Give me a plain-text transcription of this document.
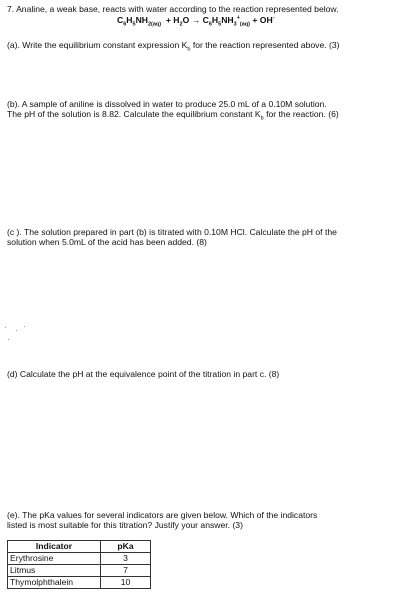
7. Analine, a weak base, reacts with water according to the reaction represented below.
$C_6H_5NH_{2(aq)} + H_2O \to C_6H_5NH_3^+_{(aq)} + OH^-$
(a). Write the equilibrium constant expression $K_b$ for the reaction represented above. (3)
(b). A sample of aniline is dissolved in water to produce 25.0 mL of a 0.10M solution.
The pH of the solution is 8.82. Calculate the equilibrium constant $K_b$ for the reaction. (6)
(c ). The solution prepared in part (b) is titrated with 0.10M HCl. Calculate the pH of the
solution when 5.0mL of the acid has been added. (8)
(d) Calculate the pH at the equivalence point of the titration in part c. (8)
(e). The pKa values for several indicators are given below. Which of the indicators
listed is most suitable for this titration? Justify your answer. (3)
Indicator	pKa
Erythrosine	3
Litmus	7
Thymolphthalein	10
